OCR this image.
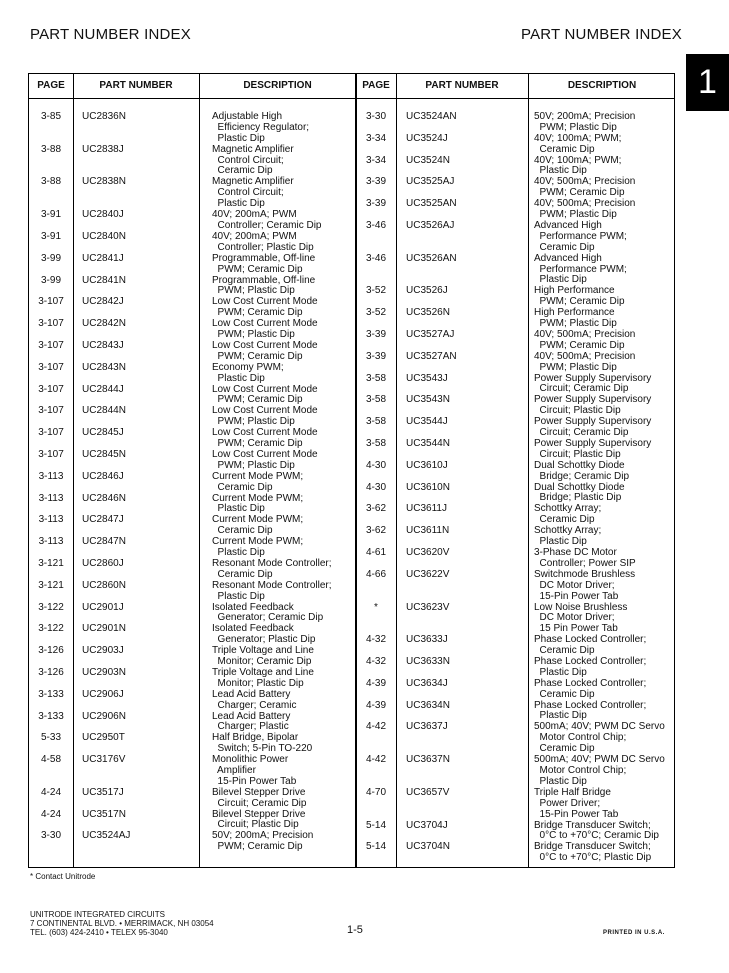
PART NUMBER INDEX	PART NUMBER INDEX
1
PAGE	PART NUMBER	DESCRIPTION	PAGE	PART NUMBER	DESCRIPTION
3-85	UC2836N	Adjustable High
Efficiency Regulator;
Plastic Dip
3-88	UC2838J	Magnetic Amplifier
Control Circuit;
Ceramic Dip
3-88	UC2838N	Magnetic Amplifier
Control Circuit;
Plastic Dip
3-91	UC2840J	40V; 200mA; PWM
Controller; Ceramic Dip
3-91	UC2840N	40V; 200mA; PWM
Controller; Plastic Dip
3-99	UC2841J	Programmable, Off-line
PWM; Ceramic Dip
3-99	UC2841N	Programmable, Off-line
PWM; Plastic Dip
3-107	UC2842J	Low Cost Current Mode
PWM; Ceramic Dip
3-107	UC2842N	Low Cost Current Mode
PWM; Plastic Dip
3-107	UC2843J	Low Cost Current Mode
PWM; Ceramic Dip
3-107	UC2843N	Economy PWM;
Plastic Dip
3-107	UC2844J	Low Cost Current Mode
PWM; Ceramic Dip
3-107	UC2844N	Low Cost Current Mode
PWM; Plastic Dip
3-107	UC2845J	Low Cost Current Mode
PWM; Ceramic Dip
3-107	UC2845N	Low Cost Current Mode
PWM; Plastic Dip
3-113	UC2846J	Current Mode PWM;
Ceramic Dip
3-113	UC2846N	Current Mode PWM;
Plastic Dip
3-113	UC2847J	Current Mode PWM;
Ceramic Dip
3-113	UC2847N	Current Mode PWM;
Plastic Dip
3-121	UC2860J	Resonant Mode Controller;
Ceramic Dip
3-121	UC2860N	Resonant Mode Controller;
Plastic Dip
3-122	UC2901J	Isolated Feedback
Generator; Ceramic Dip
3-122	UC2901N	Isolated Feedback
Generator; Plastic Dip
3-126	UC2903J	Triple Voltage and Line
Monitor; Ceramic Dip
3-126	UC2903N	Triple Voltage and Line
Monitor; Plastic Dip
3-133	UC2906J	Lead Acid Battery
Charger; Ceramic
3-133	UC2906N	Lead Acid Battery
Charger; Plastic
5-33	UC2950T	Half Bridge, Bipolar
Switch; 5-Pin TO-220
4-58	UC3176V	Monolithic Power
Amplifier
15-Pin Power Tab
4-24	UC3517J	Bilevel Stepper Drive
Circuit; Ceramic Dip
4-24	UC3517N	Bilevel Stepper Drive
Circuit; Plastic Dip
3-30	UC3524AJ	50V; 200mA; Precision
PWM; Ceramic Dip
3-30	UC3524AN	50V; 200mA; Precision
PWM; Plastic Dip
3-34	UC3524J	40V; 100mA; PWM;
Ceramic Dip
3-34	UC3524N	40V; 100mA; PWM;
Plastic Dip
3-39	UC3525AJ	40V; 500mA; Precision
PWM; Ceramic Dip
3-39	UC3525AN	40V; 500mA; Precision
PWM; Plastic Dip
3-46	UC3526AJ	Advanced High
Performance PWM;
Ceramic Dip
3-46	UC3526AN	Advanced High
Performance PWM;
Plastic Dip
3-52	UC3526J	High Performance
PWM; Ceramic Dip
3-52	UC3526N	High Performance
PWM; Plastic Dip
3-39	UC3527AJ	40V; 500mA; Precision
PWM; Ceramic Dip
3-39	UC3527AN	40V; 500mA; Precision
PWM; Plastic Dip
3-58	UC3543J	Power Supply Supervisory
Circuit; Ceramic Dip
3-58	UC3543N	Power Supply Supervisory
Circuit; Plastic Dip
3-58	UC3544J	Power Supply Supervisory
Circuit; Ceramic Dip
3-58	UC3544N	Power Supply Supervisory
Circuit; Plastic Dip
4-30	UC3610J	Dual Schottky Diode
Bridge; Ceramic Dip
4-30	UC3610N	Dual Schottky Diode
Bridge; Plastic Dip
3-62	UC3611J	Schottky Array;
Ceramic Dip
3-62	UC3611N	Schottky Array;
Plastic Dip
4-61	UC3620V	3-Phase DC Motor
Controller; Power SIP
4-66	UC3622V	Switchmode Brushless
DC Motor Driver;
15-Pin Power Tab
*	UC3623V	Low Noise Brushless
DC Motor Driver;
15 Pin Power Tab
4-32	UC3633J	Phase Locked Controller;
Ceramic Dip
4-32	UC3633N	Phase Locked Controller;
Plastic Dip
4-39	UC3634J	Phase Locked Controller;
Ceramic Dip
4-39	UC3634N	Phase Locked Controller;
Plastic Dip
4-42	UC3637J	500mA; 40V; PWM DC Servo
Motor Control Chip;
Ceramic Dip
4-42	UC3637N	500mA; 40V; PWM DC Servo
Motor Control Chip;
Plastic Dip
4-70	UC3657V	Triple Half Bridge
Power Driver;
15-Pin Power Tab
5-14	UC3704J	Bridge Transducer Switch;
0°C to +70°C; Ceramic Dip
5-14	UC3704N	Bridge Transducer Switch;
0°C to +70°C; Plastic Dip
* Contact Unitrode
UNITRODE INTEGRATED CIRCUITS
7 CONTINENTAL BLVD. • MERRIMACK, NH 03054
TEL. (603) 424-2410 • TELEX 95-3040	1-5	PRINTED IN U.S.A.
